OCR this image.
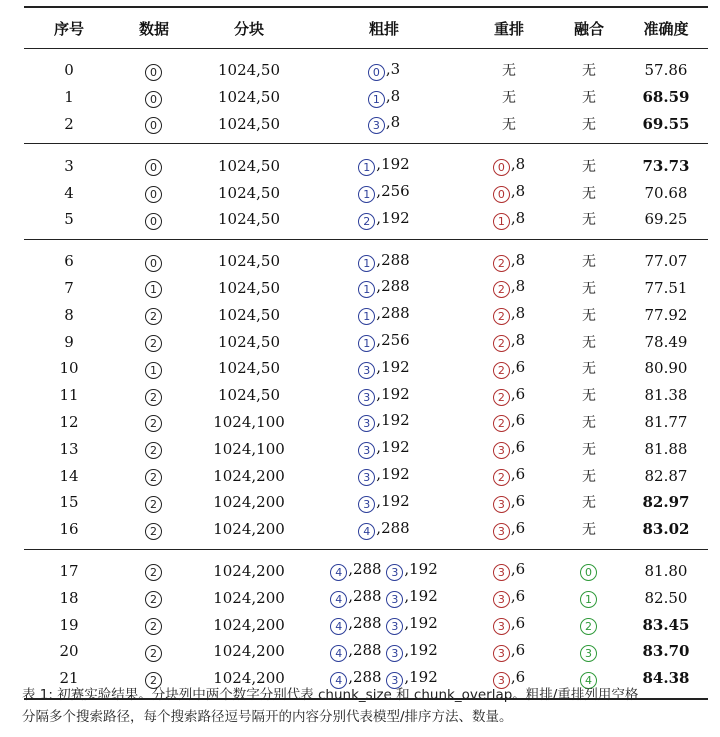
序号	数据	分块	粗排	重排	融合	准确度
0	0	1024,50	0 ,3	无	无	57.86
1	0	1024,50	1 ,8	无	无	68.59
2	0	1024,50	3 ,8	无	无	69.55
3	0	1024,50	1 ,192	0 ,8	无	73.73
4	0	1024,50	1 ,256	0 ,8	无	70.68
5	0	1024,50	2 ,192	1 ,8	无	69.25
6	0	1024,50	1 ,288	2 ,8	无	77.07
7	1	1024,50	1 ,288	2 ,8	无	77.51
8	2	1024,50	1 ,288	2 ,8	无	77.92
9	2	1024,50	1 ,256	2 ,8	无	78.49
10	1	1024,50	3 ,192	2 ,6	无	80.90
11	2	1024,50	3 ,192	2 ,6	无	81.38
12	2	1024,100	3 ,192	2 ,6	无	81.77
13	2	1024,100	3 ,192	3 ,6	无	81.88
14	2	1024,200	3 ,192	2 ,6	无	82.87
15	2	1024,200	3 ,192	3 ,6	无	82.97
16	2	1024,200	4 ,288	3 ,6	无	83.02
17	2	1024,200	4 ,288 3 ,192	3 ,6	0	81.80
18	2	1024,200	4 ,288 3 ,192	3 ,6	1	82.50
19	2	1024,200	4 ,288 3 ,192	3 ,6	2	83.45
20	2	1024,200	4 ,288 3 ,192	3 ,6	3	83.70
21	2	1024,200	4 ,288 3 ,192	3 ,6	4	84.38
表 1: 初赛实验结果。分块列中两个数字分别代表 chunk_size 和 chunk_overlap。粗排/重排列用空格
分隔多个搜索路径，每个搜索路径逗号隔开的内容分别代表模型/排序方法、数量。
